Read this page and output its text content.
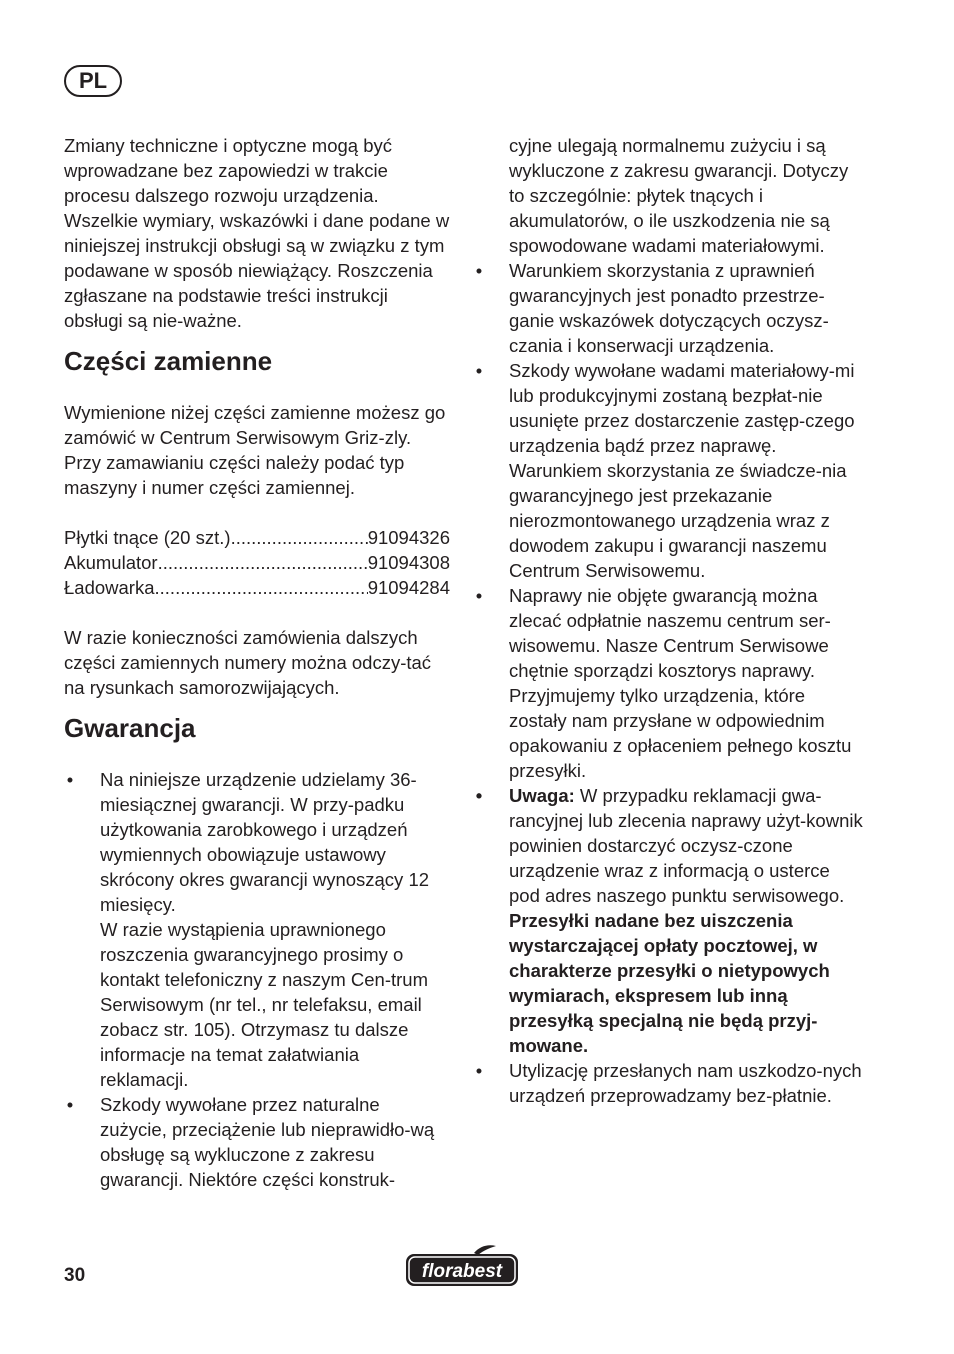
PL

Zmiany techniczne i optyczne mogą być wprowadzane bez zapowiedzi w trakcie procesu dalszego rozwoju urządzenia. Wszelkie wymiary, wskazówki i dane podane w niniejszej instrukcji obsługi są w związku z tym podawane w sposób niewiążący. Roszczenia zgłaszane na podstawie treści instrukcji obsługi są nie-ważne.

Części zamienne

Wymienione niżej części zamienne możesz go zamówić w Centrum Serwisowym Griz-zly. Przy zamawianiu części należy podać typ maszyny i numer części zamiennej.

Płytki tnące (20 szt.) .....	91094326
Akumulator .....	91094308
Ładowarka .....	91094284

W razie konieczności zamówienia dalszych części zamiennych numery można odczy-tać na rysunkach samorozwijających.

Gwarancja
•
Na niniejsze urządzenie udzielamy 36-miesiącznej gwarancji. W przy-padku użytkowania zarobkowego i urządzeń wymiennych obowiązuje ustawowy skrócony okres gwarancji wynoszący 12 miesięcy.
W razie wystąpienia uprawnionego roszczenia gwarancyjnego prosimy o kontakt telefoniczny z naszym Cen-trum Serwisowym (nr tel., nr telefaksu, email zobacz str. 105). Otrzymasz tu dalsze informacje na temat załatwiania reklamacji.
•
Szkody wywołane przez naturalne zużycie, przeciążenie lub nieprawidło-wą obsługę są wykluczone z zakresu gwarancji. Niektóre części konstruk-

cyjne ulegają normalnemu zużyciu i są wykluczone z zakresu gwarancji. Dotyczy to szczególnie: płytek tnących i akumulatorów, o ile uszkodzenia nie są spowodowane wadami materiałowymi.

•
Warunkiem skorzystania z uprawnień gwarancyjnych jest ponadto przestrze-ganie wskazówek dotyczących oczysz-czania i konserwacji urządzenia.
•
Szkody wywołane wadami materiałowy-mi lub produkcyjnymi zostaną bezpłat-nie usunięte przez dostarczenie zastęp-czego urządzenia bądź przez naprawę. Warunkiem skorzystania ze świadcze-nia gwarancyjnego jest przekazanie nierozmontowanego urządzenia wraz z dowodem zakupu i gwarancji naszemu Centrum Serwisowemu.
•
Naprawy nie objęte gwarancją można zlecać odpłatnie naszemu centrum ser-wisowemu. Nasze Centrum Serwisowe chętnie sporządzi kosztorys naprawy. Przyjmujemy tylko urządzenia, które zostały nam przysłane w odpowiednim opakowaniu z opłaceniem pełnego kosztu przesyłki.
•
Uwaga: W przypadku reklamacji gwa-rancyjnej lub zlecenia naprawy użyt-kownik powinien dostarczyć oczysz-czone urządzenie wraz z informacją o usterce pod adres naszego punktu serwisowego.
Przesyłki nadane bez uiszczenia wystarczającej opłaty pocztowej, w charakterze przesyłki o nietypowych wymiarach, ekspresem lub inną przesyłką specjalną nie będą przyj-mowane.
•
Utylizację przesłanych nam uszkodzo-nych urządzeń przeprowadzamy bez-płatnie.
30	florabest
